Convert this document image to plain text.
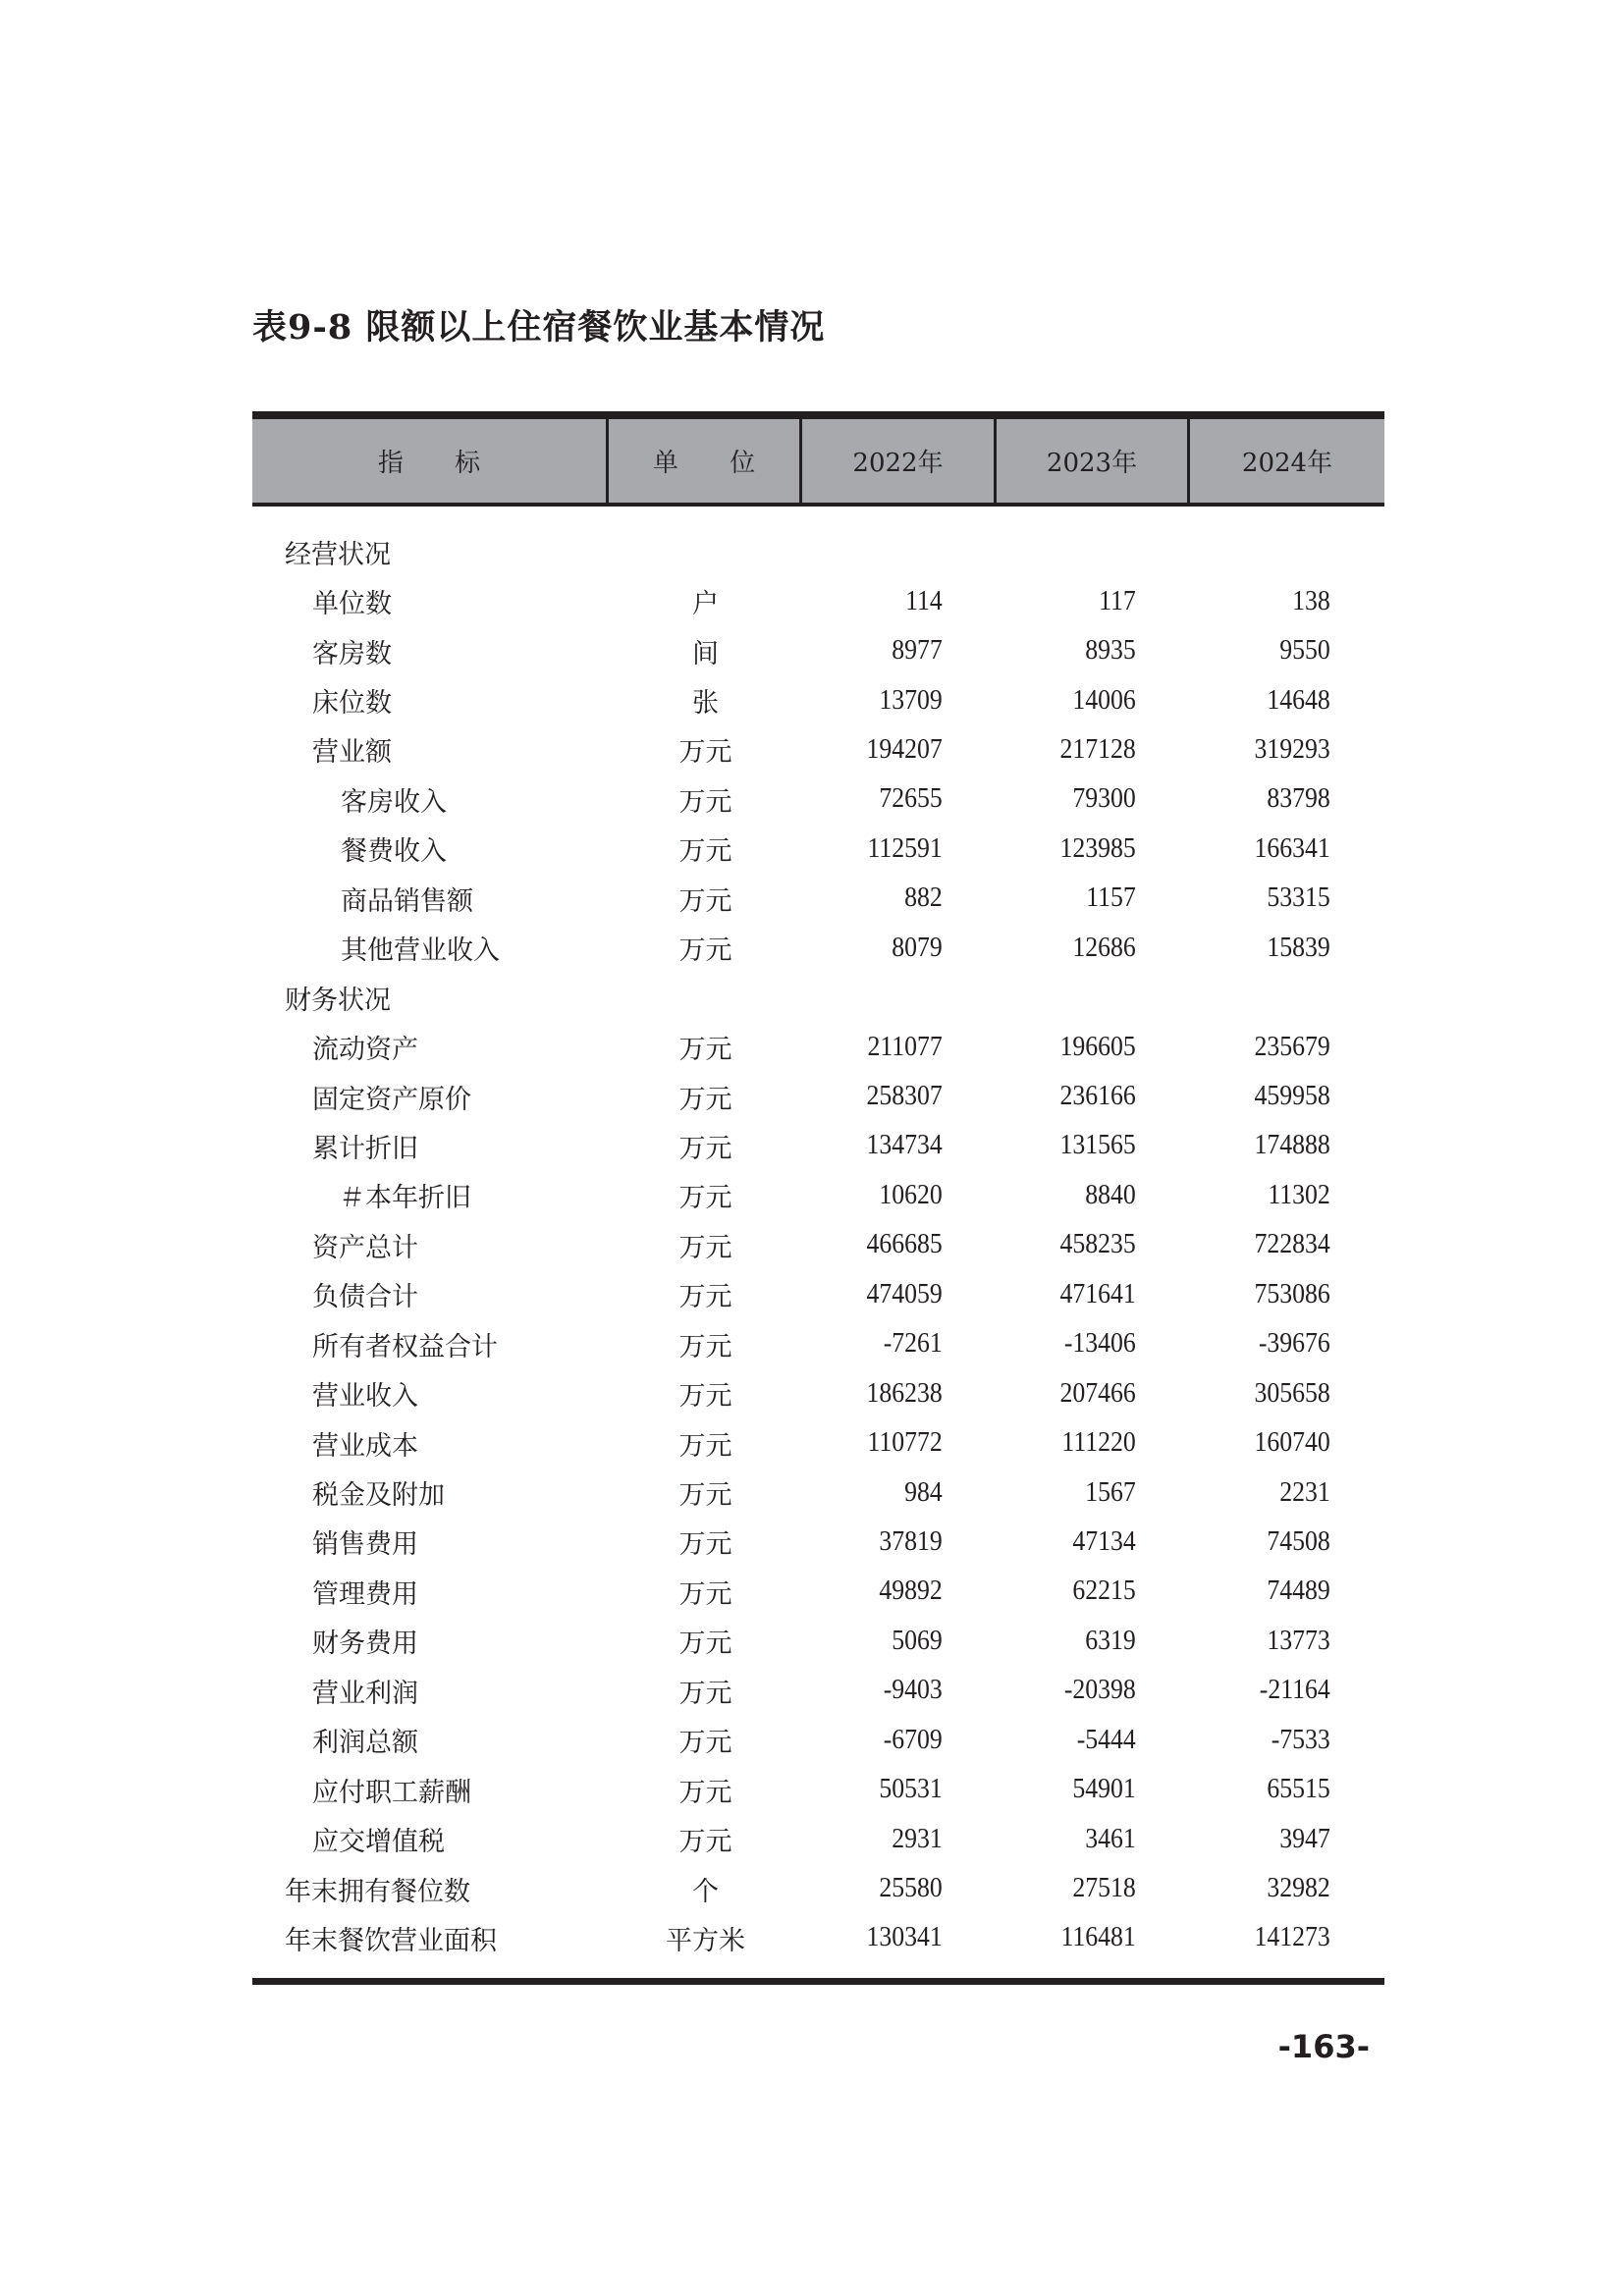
表9-8 限额以上住宿餐饮业基本情况
指 标	单 位	2022年	2023年	2024年
经营状况
单位数	户	114	117	138
客房数	间	8977	8935	9550
床位数	张	13709	14006	14648
营业额	万元	194207	217128	319293
客房收入	万元	72655	79300	83798
餐费收入	万元	112591	123985	166341
商品销售额	万元	882	1157	53315
其他营业收入	万元	8079	12686	15839
财务状况
流动资产	万元	211077	196605	235679
固定资产原价	万元	258307	236166	459958
累计折旧	万元	134734	131565	174888
＃本年折旧	万元	10620	8840	11302
资产总计	万元	466685	458235	722834
负债合计	万元	474059	471641	753086
所有者权益合计	万元	-7261	-13406	-39676
营业收入	万元	186238	207466	305658
营业成本	万元	110772	111220	160740
税金及附加	万元	984	1567	2231
销售费用	万元	37819	47134	74508
管理费用	万元	49892	62215	74489
财务费用	万元	5069	6319	13773
营业利润	万元	-9403	-20398	-21164
利润总额	万元	-6709	-5444	-7533
应付职工薪酬	万元	50531	54901	65515
应交增值税	万元	2931	3461	3947
年末拥有餐位数	个	25580	27518	32982
年末餐饮营业面积	平方米	130341	116481	141273
-163-
